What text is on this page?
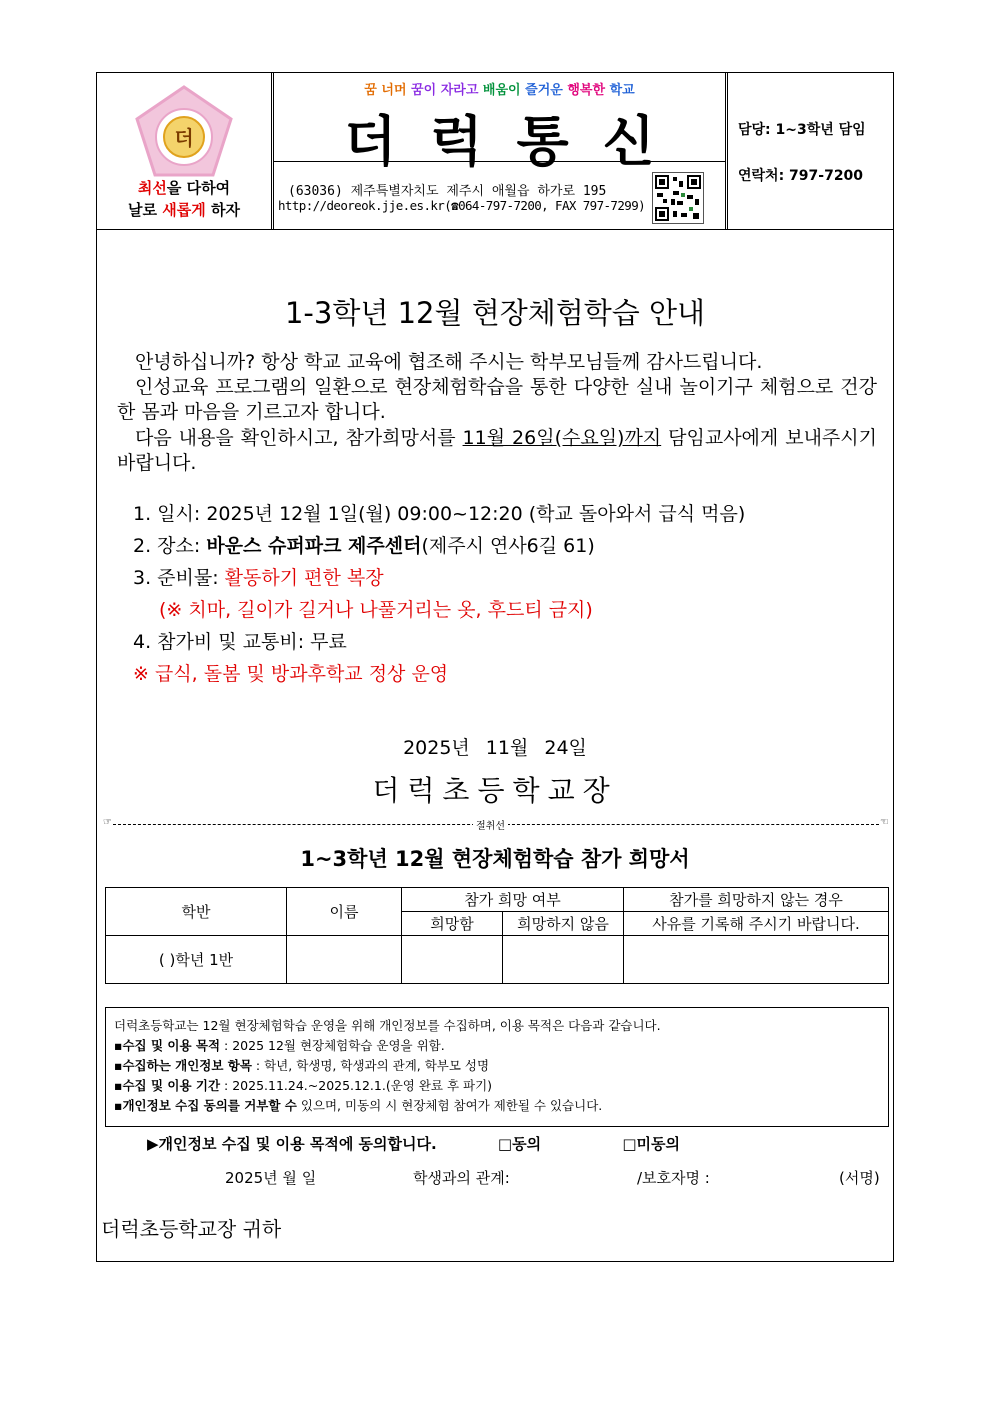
더
최선을 다하여
날로 새롭게 하자
꿈 너머 꿈이 자라고 배움이 즐거운 행복한 학교
더럭통신
(63036) 제주특별자치도 제주시 애월읍 하가로 195
http://deoreok.jje.es.kr(☎064-797-7200, FAX 797-7299)
담당: 1~3학년 담임
연락처: 797-7200
1-3학년 12월 현장체험학습 안내
안녕하십니까? 항상 학교 교육에 협조해 주시는 학부모님들께 감사드립니다.
인성교육 프로그램의 일환으로 현장체험학습을 통한 다양한 실내 놀이기구 체험으로 건강한 몸과 마음을 기르고자 합니다.
다음 내용을 확인하시고, 참가희망서를 11월 26일(수요일)까지 담임교사에게 보내주시기 바랍니다.
1. 일시: 2025년 12월 1일(월) 09:00~12:20 (학교 돌아와서 급식 먹음)
2. 장소: 바운스 슈퍼파크 제주센터(제주시 연사6길 61)
3. 준비물: 활동하기 편한 복장
(※ 치마, 길이가 길거나 나풀거리는 옷, 후드티 금지)
4. 참가비 및 교통비: 무료
※ 급식, 돌봄 및 방과후학교 정상 운영
2025년 11월 24일
더럭초등학교장
☞	절취선	☜
1~3학년 12월 현장체험학습 참가 희망서
학반	이름	참가 희망 여부		참가를 희망하지 않는 경우
		희망함	희망하지 않음	사유를 기록해 주시기 바랍니다.
( )학년 1반				
더럭초등학교는 12월 현장체험학습 운영을 위해 개인정보를 수집하며, 이용 목적은 다음과 같습니다.
▪수집 및 이용 목적 : 2025 12월 현장체험학습 운영을 위함.
▪수집하는 개인정보 항목 : 학년, 학생명, 학생과의 관계, 학부모 성명
▪수집 및 이용 기간 : 2025.11.24.~2025.12.1.(운영 완료 후 파기)
▪개인정보 수집 동의를 거부할 수 있으며, 미동의 시 현장체험 참여가 제한될 수 있습니다.
▶개인정보 수집 및 이용 목적에 동의합니다.	□동의	□미동의
2025년 월 일	학생과의 관계:	/보호자명 :	(서명)
더럭초등학교장 귀하
